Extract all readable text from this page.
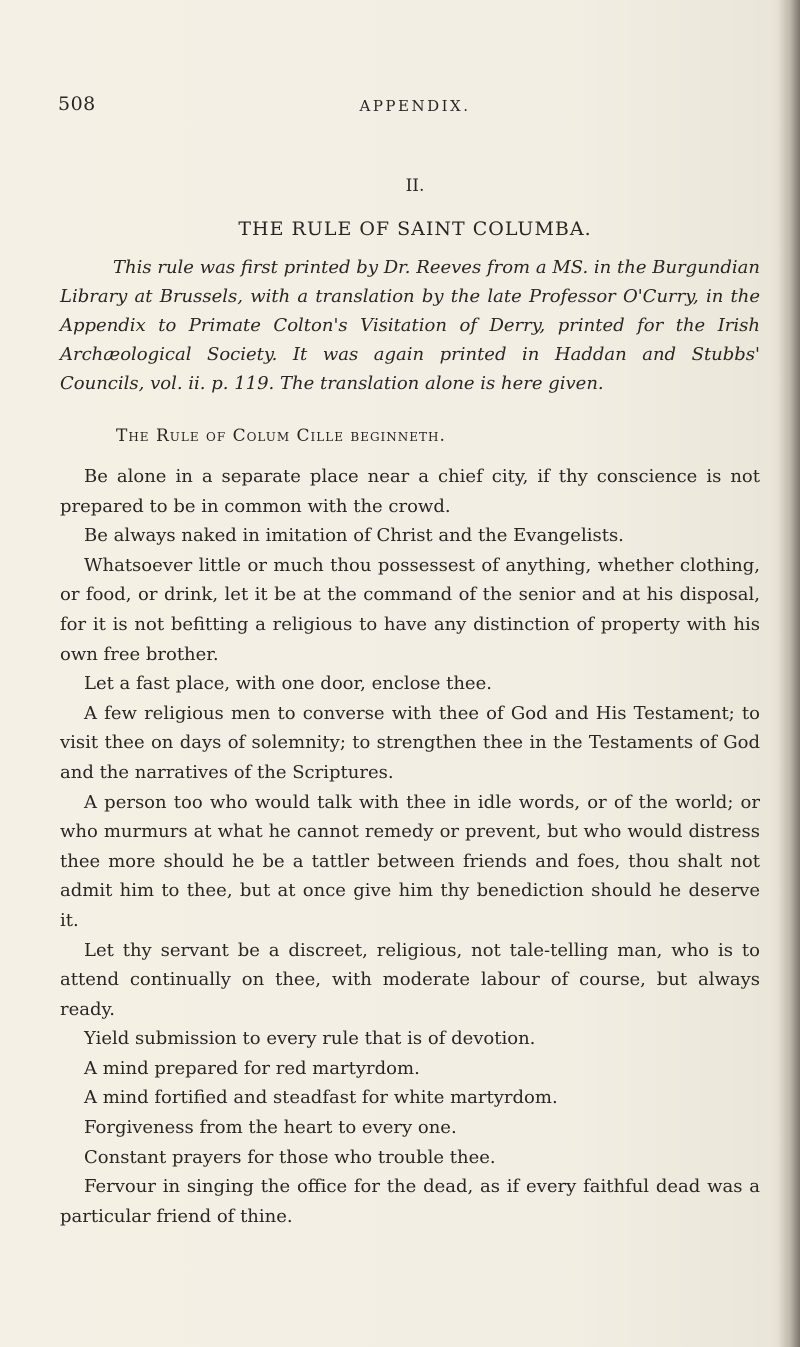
508	APPENDIX.
II.
THE RULE OF SAINT COLUMBA.

This rule was first printed by Dr. Reeves from a MS. in the Burgundian Library at Brussels, with a translation by the late Professor O'Curry, in the Appendix to Primate Colton's Visitation of Derry, printed for the Irish Archæological Society. It was again printed in Haddan and Stubbs' Councils, vol. ii. p. 119. The translation alone is here given.

The Rule of Colum Cille beginneth.

Be alone in a separate place near a chief city, if thy conscience is not prepared to be in common with the crowd.

Be always naked in imitation of Christ and the Evangelists.

Whatsoever little or much thou possessest of anything, whether clothing, or food, or drink, let it be at the command of the senior and at his disposal, for it is not befitting a religious to have any distinction of property with his own free brother.

Let a fast place, with one door, enclose thee.

A few religious men to converse with thee of God and His Testament; to visit thee on days of solemnity; to strengthen thee in the Testaments of God and the narratives of the Scriptures.

A person too who would talk with thee in idle words, or of the world; or who murmurs at what he cannot remedy or prevent, but who would distress thee more should he be a tattler between friends and foes, thou shalt not admit him to thee, but at once give him thy benediction should he deserve it.

Let thy servant be a discreet, religious, not tale-telling man, who is to attend continually on thee, with moderate labour of course, but always ready.

Yield submission to every rule that is of devotion.

A mind prepared for red martyrdom.

A mind fortified and steadfast for white martyrdom.

Forgiveness from the heart to every one.

Constant prayers for those who trouble thee.

Fervour in singing the office for the dead, as if every faithful dead was a particular friend of thine.
